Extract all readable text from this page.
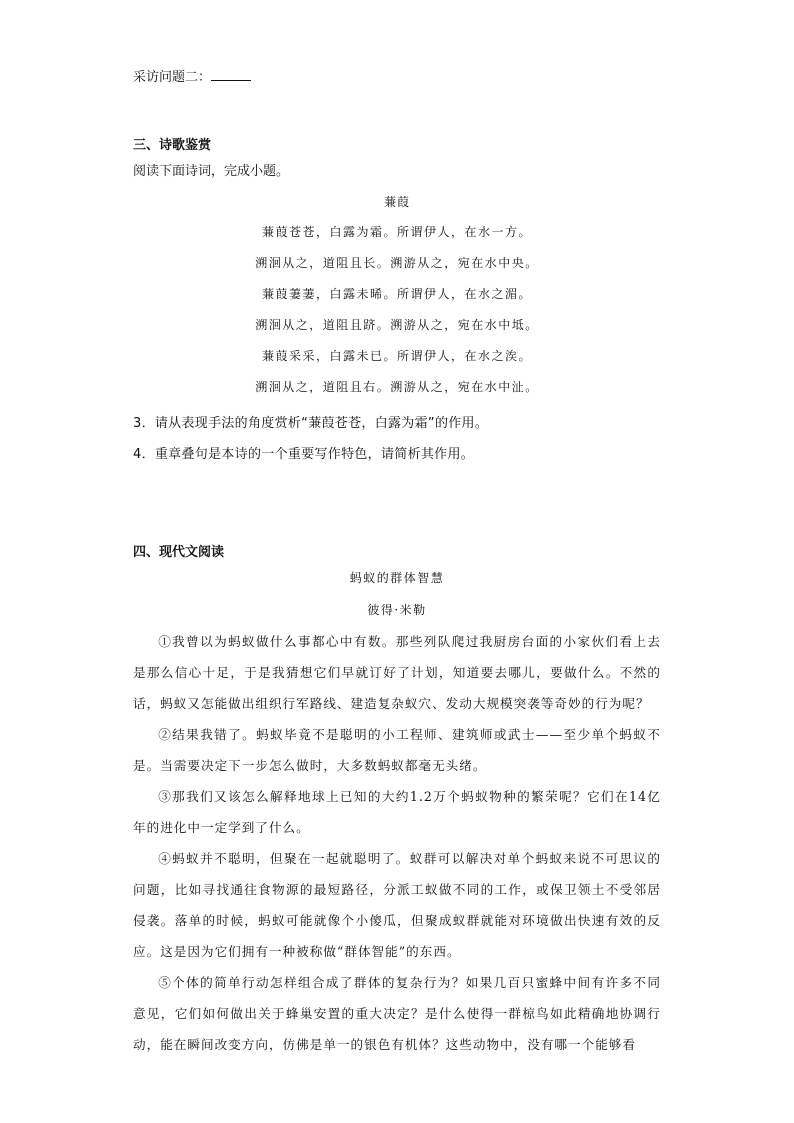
采访问题二：
三、诗歌鉴赏
阅读下面诗词，完成小题。
蒹葭
蒹葭苍苍，白露为霜。所谓伊人，在水一方。
溯洄从之，道阻且长。溯游从之，宛在水中央。
蒹葭萋萋，白露未晞。所谓伊人，在水之湄。
溯洄从之，道阻且跻。溯游从之，宛在水中坻。
蒹葭采采，白露未已。所谓伊人，在水之涘。
溯洄从之，道阻且右。溯游从之，宛在水中沚。
3．请从表现手法的角度赏析“蒹葭苍苍，白露为霜”的作用。
4．重章叠句是本诗的一个重要写作特色，请简析其作用。
四、现代文阅读
蚂蚁的群体智慧
彼得·米勒

①我曾以为蚂蚁做什么事都心中有数。那些列队爬过我厨房台面的小家伙们看上去是那么信心十足，于是我猜想它们早就订好了计划，知道要去哪儿，要做什么。不然的话，蚂蚁又怎能做出组织行军路线、建造复杂蚁穴、发动大规模突袭等奇妙的行为呢？

②结果我错了。蚂蚁毕竟不是聪明的小工程师、建筑师或武士——至少单个蚂蚁不是。当需要决定下一步怎么做时，大多数蚂蚁都毫无头绪。

③那我们又该怎么解释地球上已知的大约1.2万个蚂蚁物种的繁荣呢？它们在14亿年的进化中一定学到了什么。

④蚂蚁并不聪明，但聚在一起就聪明了。蚁群可以解决对单个蚂蚁来说不可思议的问题，比如寻找通往食物源的最短路径，分派工蚁做不同的工作，或保卫领土不受邻居侵袭。落单的时候，蚂蚁可能就像个小傻瓜，但聚成蚁群就能对环境做出快速有效的反应。这是因为它们拥有一种被称做“群体智能”的东西。

⑤个体的简单行动怎样组合成了群体的复杂行为？如果几百只蜜蜂中间有许多不同意见，它们如何做出关于蜂巢安置的重大决定？是什么使得一群椋鸟如此精确地协调行动，能在瞬间改变方向，仿佛是单一的银色有机体？这些动物中，没有哪一个能够看
